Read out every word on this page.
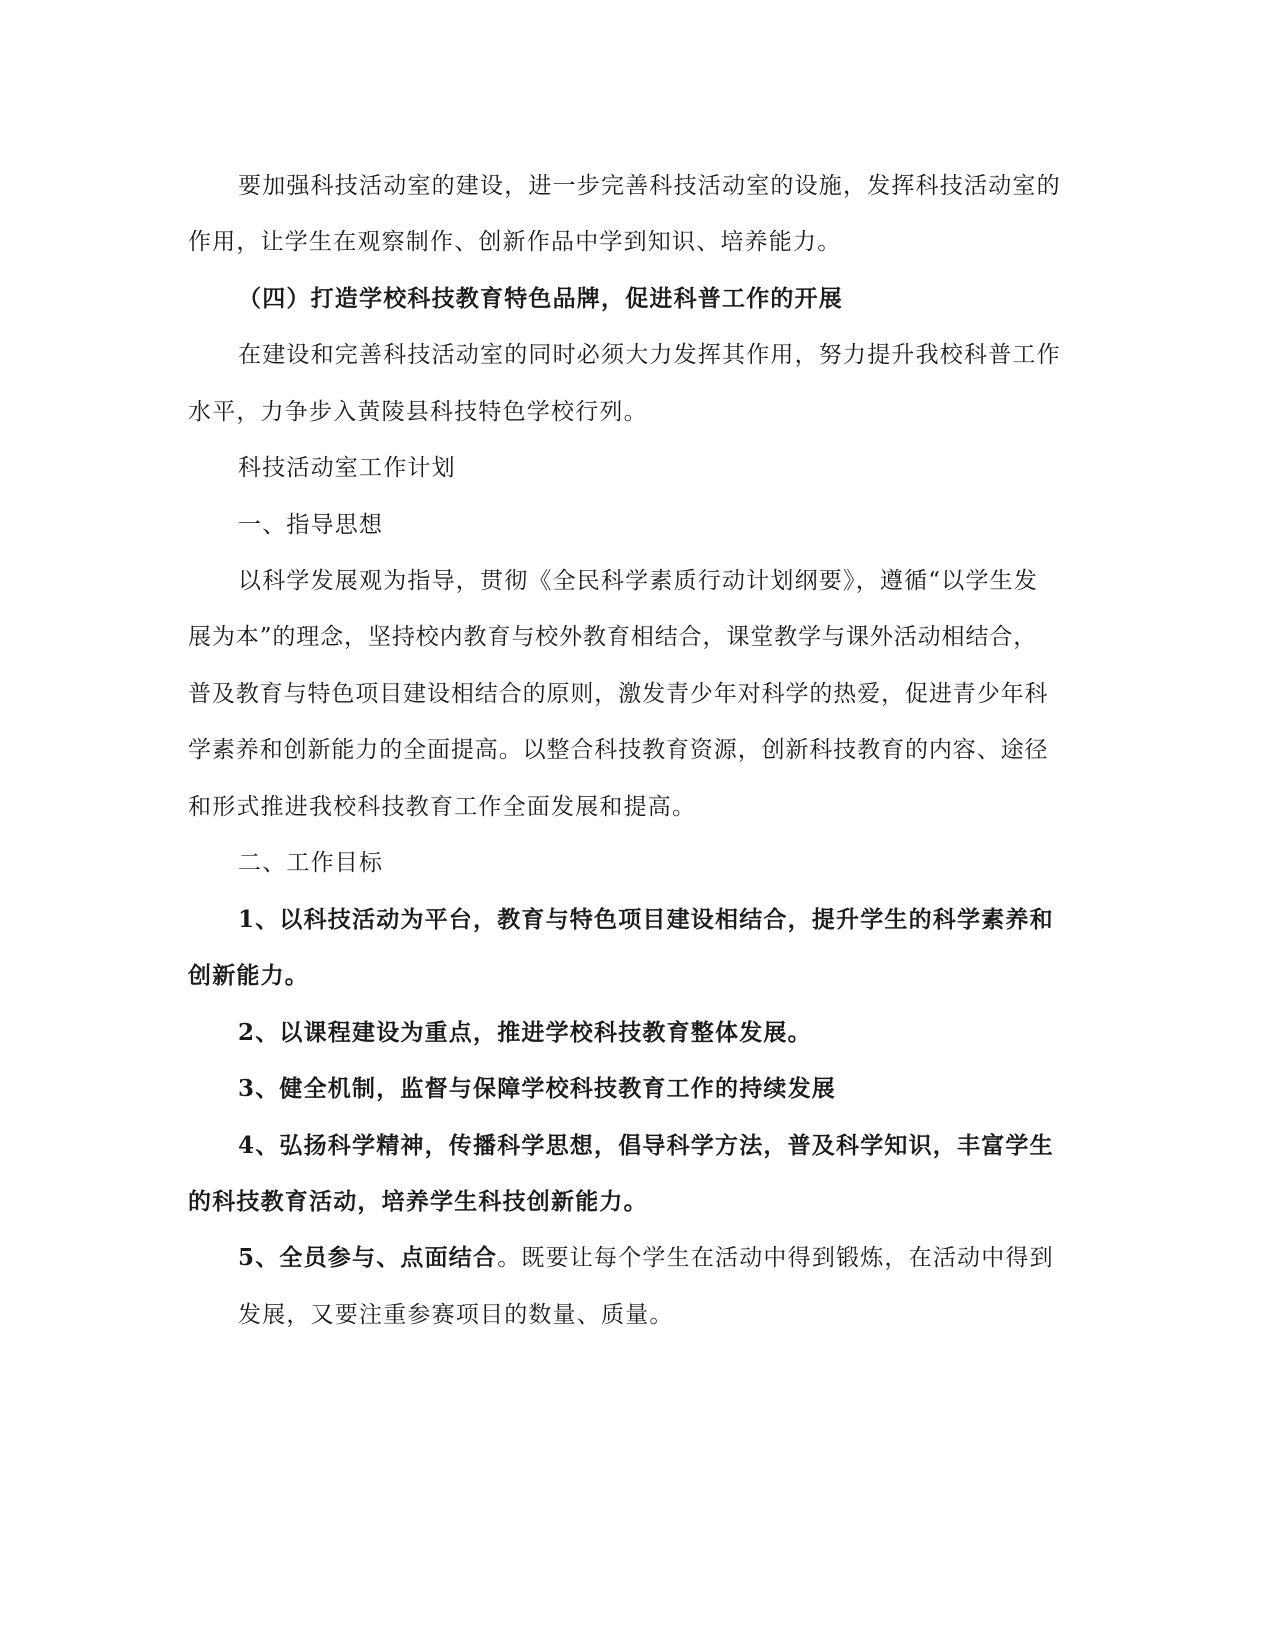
要加强科技活动室的建设，进一步完善科技活动室的设施，发挥科技活动室的
作用，让学生在观察制作、创新作品中学到知识、培养能力。
（四）打造学校科技教育特色品牌，促进科普工作的开展
在建设和完善科技活动室的同时必须大力发挥其作用，努力提升我校科普工作
水平，力争步入黄陵县科技特色学校行列。
科技活动室工作计划
一、指导思想
以科学发展观为指导，贯彻《全民科学素质行动计划纲要》，遵循“以学生发
展为本”的理念，坚持校内教育与校外教育相结合，课堂教学与课外活动相结合，
普及教育与特色项目建设相结合的原则，激发青少年对科学的热爱，促进青少年科
学素养和创新能力的全面提高。以整合科技教育资源，创新科技教育的内容、途径
和形式推进我校科技教育工作全面发展和提高。
二、工作目标
1、以科技活动为平台，教育与特色项目建设相结合，提升学生的科学素养和
创新能力。
2、以课程建设为重点，推进学校科技教育整体发展。
3、健全机制，监督与保障学校科技教育工作的持续发展
4、弘扬科学精神，传播科学思想，倡导科学方法，普及科学知识，丰富学生
的科技教育活动，培养学生科技创新能力。
5、全员参与、点面结合。既要让每个学生在活动中得到锻炼，在活动中得到
发展，又要注重参赛项目的数量、质量。
